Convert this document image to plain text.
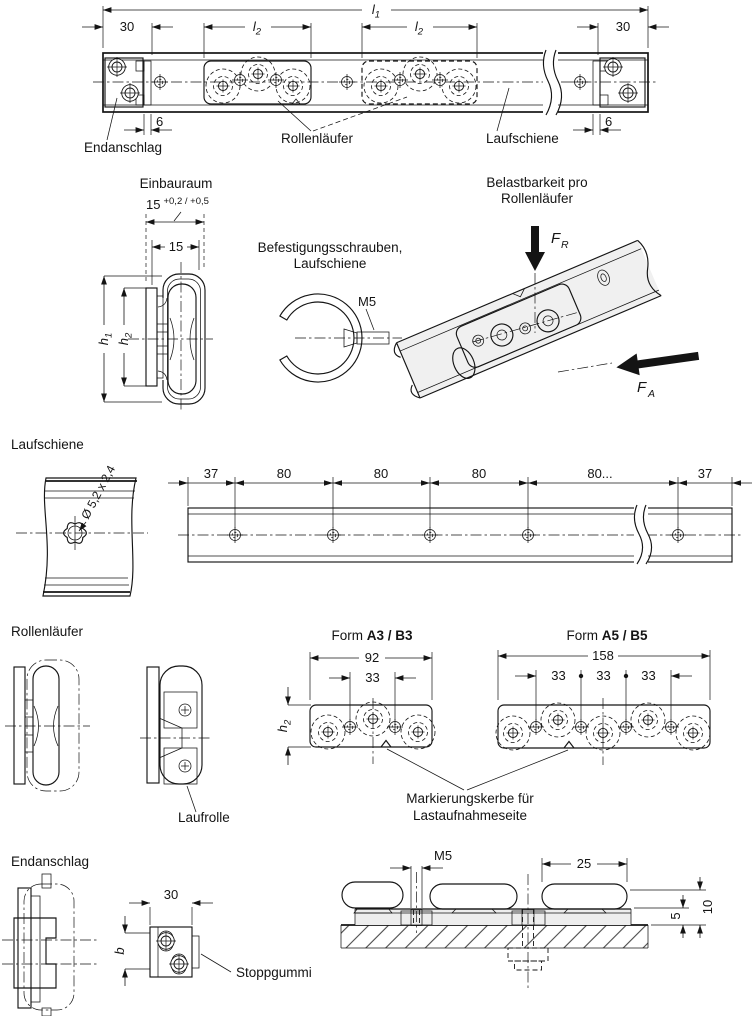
$l_1$
30	$l_2$	$l_2$	30
6	6
Endanschlag
Rollenläufer	Laufschiene
Einbauraum
15 $^{+0,2 / +0,5}$
15
$h_1$
$h_2$
Befestigungsschrauben,
Laufschiene
M5
Belastbarkeit pro
Rollenläufer
F R
F A
Laufschiene
Ø 5,2 x 2,4	37	80	80	80	80...	37
Rollenläufer
Laufrolle
Form A3 / B3
92
33
$h_2$
Form A5 / B5
158
33 33 33
Markierungskerbe für
Lastaufnahmeseite
Endanschlag
30
b
Stoppgummi
M5
25
10
5
